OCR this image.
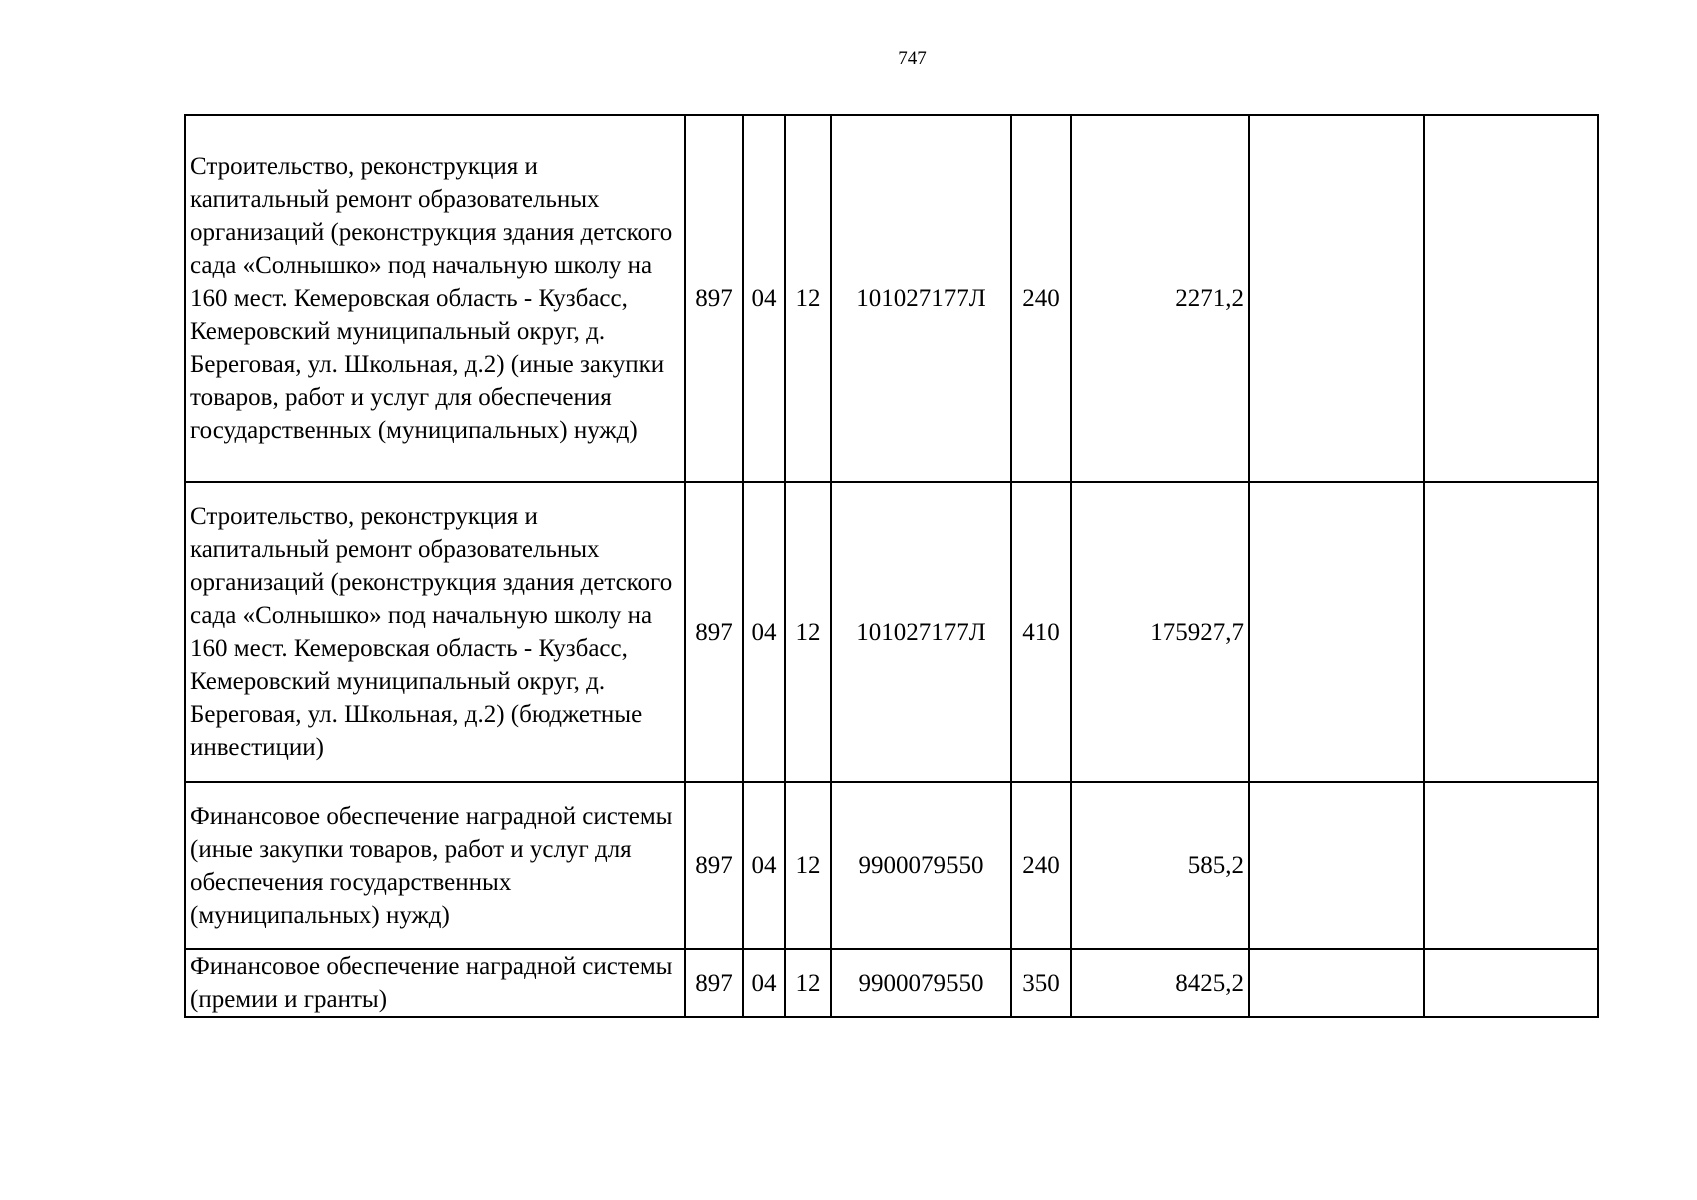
747
Строительство, реконструкция и капитальный ремонт образовательных организаций (реконструкция здания детского сада «Солнышко» под начальную школу на 160 мест. Кемеровская область - Кузбасс, Кемеровский муниципальный округ, д. Береговая, ул. Школьная, д.2) (иные закупки товаров, работ и услуг для обеспечения государственных (муниципальных) нужд)	897	04	12	101027177Л	240	2271,2		
Строительство, реконструкция и капитальный ремонт образовательных организаций (реконструкция здания детского сада «Солнышко» под начальную школу на 160 мест. Кемеровская область - Кузбасс, Кемеровский муниципальный округ, д. Береговая, ул. Школьная, д.2) (бюджетные инвестиции)	897	04	12	101027177Л	410	175927,7		
Финансовое обеспечение наградной системы (иные закупки товаров, работ и услуг для обеспечения государственных (муниципальных) нужд)	897	04	12	9900079550	240	585,2		
Финансовое обеспечение наградной системы (премии и гранты)	897	04	12	9900079550	350	8425,2		
